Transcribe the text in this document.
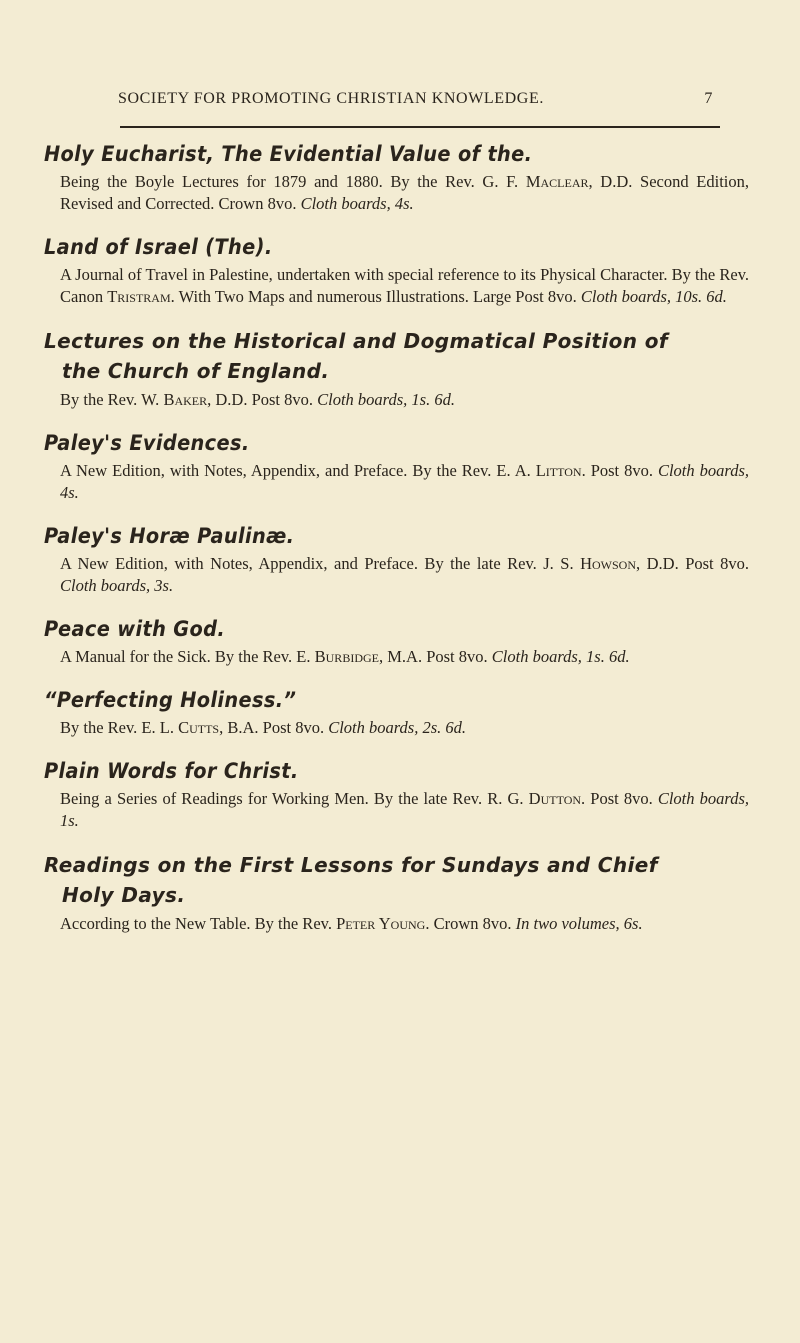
SOCIETY FOR PROMOTING CHRISTIAN KNOWLEDGE.	7
Holy Eucharist, The Evidential Value of the.
Being the Boyle Lectures for 1879 and 1880. By the Rev. G. F. Maclear, D.D. Second Edition, Revised and Corrected. Crown 8vo. Cloth boards, 4s.
Land of Israel (The).
A Journal of Travel in Palestine, undertaken with special reference to its Physical Character. By the Rev. Canon Tristram. With Two Maps and numerous Illustrations. Large Post 8vo. Cloth boards, 10s. 6d.
Lectures on the Historical and Dogmatical Position of
the Church of England.
By the Rev. W. Baker, D.D. Post 8vo. Cloth boards, 1s. 6d.
Paley's Evidences.
A New Edition, with Notes, Appendix, and Preface. By the Rev. E. A. Litton. Post 8vo. Cloth boards, 4s.
Paley's Horæ Paulinæ.
A New Edition, with Notes, Appendix, and Preface. By the late Rev. J. S. Howson, D.D. Post 8vo. Cloth boards, 3s.
Peace with God.
A Manual for the Sick. By the Rev. E. Burbidge, M.A. Post 8vo. Cloth boards, 1s. 6d.
“Perfecting Holiness.”
By the Rev. E. L. Cutts, B.A. Post 8vo. Cloth boards, 2s. 6d.
Plain Words for Christ.
Being a Series of Readings for Working Men. By the late Rev. R. G. Dutton. Post 8vo. Cloth boards, 1s.
Readings on the First Lessons for Sundays and Chief
Holy Days.
According to the New Table. By the Rev. Peter Young. Crown 8vo. In two volumes, 6s.
